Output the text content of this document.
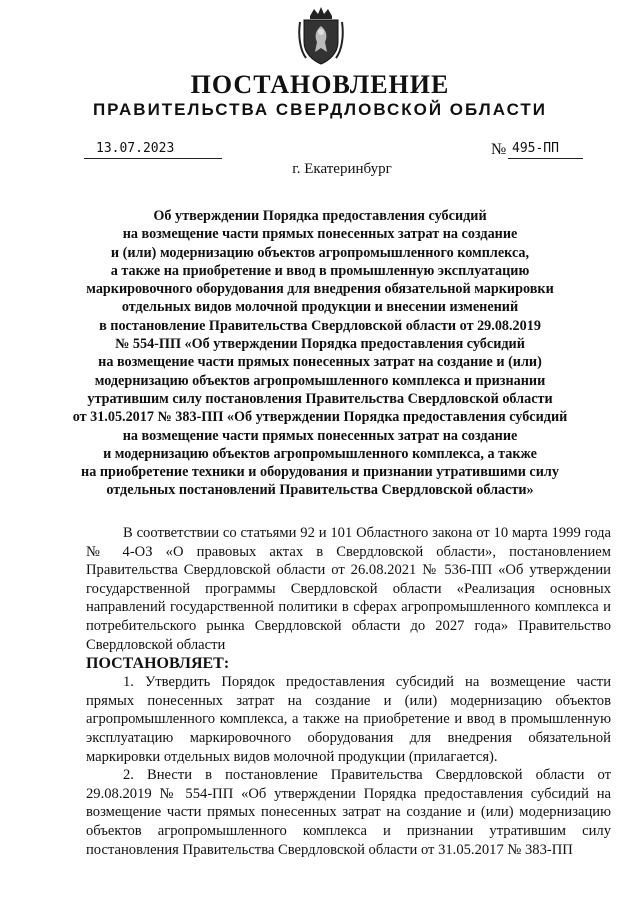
ПОСТАНОВЛЕНИЕ
ПРАВИТЕЛЬСТВА СВЕРДЛОВСКОЙ ОБЛАСТИ
13.07.2023	№ 495-ПП
г. Екатеринбург
Об утверждении Порядка предоставления субсидий
на возмещение части прямых понесенных затрат на создание
и (или) модернизацию объектов агропромышленного комплекса,
а также на приобретение и ввод в промышленную эксплуатацию
маркировочного оборудования для внедрения обязательной маркировки
отдельных видов молочной продукции и внесении изменений
в постановление Правительства Свердловской области от 29.08.2019
№ 554-ПП «Об утверждении Порядка предоставления субсидий
на возмещение части прямых понесенных затрат на создание и (или)
модернизацию объектов агропромышленного комплекса и признании
утратившим силу постановления Правительства Свердловской области
от 31.05.2017 № 383-ПП «Об утверждении Порядка предоставления субсидий
на возмещение части прямых понесенных затрат на создание
и модернизацию объектов агропромышленного комплекса, а также
на приобретение техники и оборудования и признании утратившими силу
отдельных постановлений Правительства Свердловской области»

В соответствии со статьями 92 и 101 Областного закона от 10 марта 1999 года № 4-ОЗ «О правовых актах в Свердловской области», постановлением Правительства Свердловской области от 26.08.2021 № 536-ПП «Об утверждении государственной программы Свердловской области «Реализация основных направлений государственной политики в сферах агропромышленного комплекса и потребительского рынка Свердловской области до 2027 года» Правительство Свердловской области

ПОСТАНОВЛЯЕТ:

1. Утвердить Порядок предоставления субсидий на возмещение части прямых понесенных затрат на создание и (или) модернизацию объектов агропромышленного комплекса, а также на приобретение и ввод в промышленную эксплуатацию маркировочного оборудования для внедрения обязательной маркировки отдельных видов молочной продукции (прилагается).

2. Внести в постановление Правительства Свердловской области от 29.08.2019 № 554-ПП «Об утверждении Порядка предоставления субсидий на возмещение части прямых понесенных затрат на создание и (или) модернизацию объектов агропромышленного комплекса и признании утратившим силу постановления Правительства Свердловской области от 31.05.2017 № 383-ПП
